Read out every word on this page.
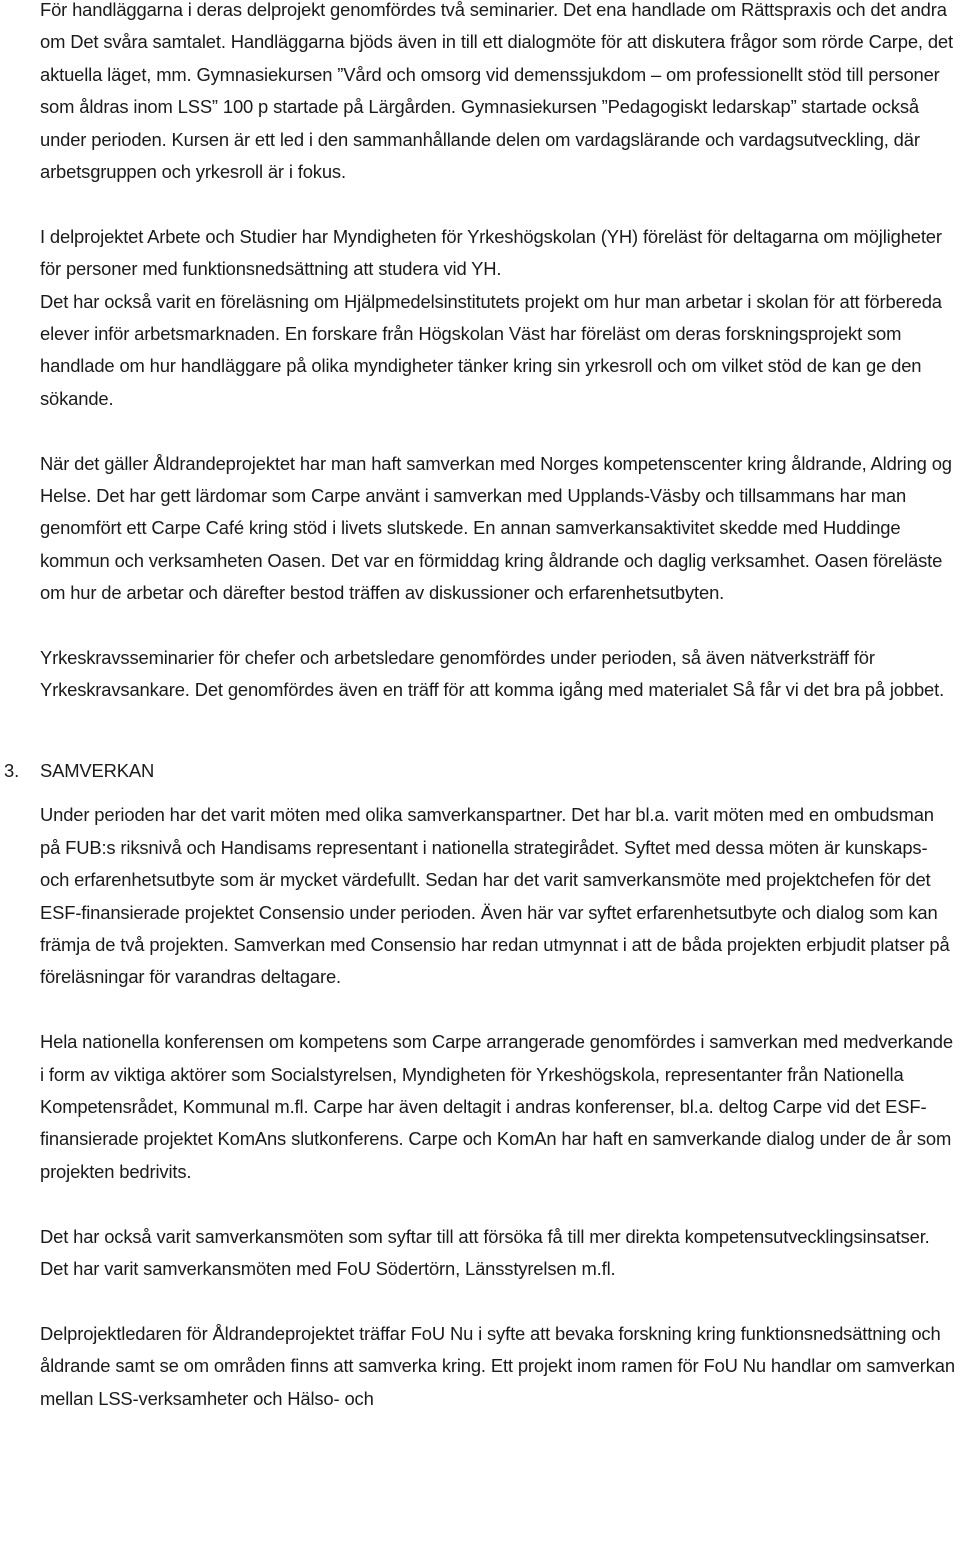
För handläggarna i deras delprojekt genomfördes två seminarier. Det ena handlade om Rättspraxis och det andra om Det svåra samtalet. Handläggarna bjöds även in till ett dialogmöte för att diskutera frågor som rörde Carpe, det aktuella läget, mm. Gymnasiekursen ”Vård och omsorg vid demenssjukdom – om professionellt stöd till personer som åldras inom LSS” 100 p startade på Lärgården. Gymnasiekursen ”Pedagogiskt ledarskap” startade också under perioden. Kursen är ett led i den sammanhållande delen om vardagslärande och vardagsutveckling, där arbetsgruppen och yrkesroll är i fokus.

I delprojektet Arbete och Studier har Myndigheten för Yrkeshögskolan (YH) föreläst för deltagarna om möjligheter för personer med funktionsnedsättning att studera vid YH.

Det har också varit en föreläsning om Hjälpmedelsinstitutets projekt om hur man arbetar i skolan för att förbereda elever inför arbetsmarknaden. En forskare från Högskolan Väst har föreläst om deras forskningsprojekt som handlade om hur handläggare på olika myndigheter tänker kring sin yrkesroll och om vilket stöd de kan ge den sökande.

När det gäller Åldrandeprojektet har man haft samverkan med Norges kompetenscenter kring åldrande, Aldring og Helse. Det har gett lärdomar som Carpe använt i samverkan med Upplands-Väsby och tillsammans har man genomfört ett Carpe Café kring stöd i livets slutskede. En annan samverkansaktivitet skedde med Huddinge kommun och verksamheten Oasen. Det var en förmiddag kring åldrande och daglig verksamhet. Oasen föreläste om hur de arbetar och därefter bestod träffen av diskussioner och erfarenhetsutbyten.

Yrkeskravsseminarier för chefer och arbetsledare genomfördes under perioden, så även nätverksträff för Yrkeskravsankare. Det genomfördes även en träff för att komma igång med materialet Så får vi det bra på jobbet.

3. SAMVERKAN

Under perioden har det varit möten med olika samverkanspartner. Det har bl.a. varit möten med en ombudsman på FUB:s riksnivå och Handisams representant i nationella strategirådet. Syftet med dessa möten är kunskaps- och erfarenhetsutbyte som är mycket värdefullt. Sedan har det varit samverkansmöte med projektchefen för det ESF-finansierade projektet Consensio under perioden. Även här var syftet erfarenhetsutbyte och dialog som kan främja de två projekten. Samverkan med Consensio har redan utmynnat i att de båda projekten erbjudit platser på föreläsningar för varandras deltagare.

Hela nationella konferensen om kompetens som Carpe arrangerade genomfördes i samverkan med medverkande i form av viktiga aktörer som Socialstyrelsen, Myndigheten för Yrkeshögskola, representanter från Nationella Kompetensrådet, Kommunal m.fl. Carpe har även deltagit i andras konferenser, bl.a. deltog Carpe vid det ESF-finansierade projektet KomAns slutkonferens. Carpe och KomAn har haft en samverkande dialog under de år som projekten bedrivits.

Det har också varit samverkansmöten som syftar till att försöka få till mer direkta kompetensutvecklingsinsatser. Det har varit samverkansmöten med FoU Södertörn, Länsstyrelsen m.fl.

Delprojektledaren för Åldrandeprojektet träffar FoU Nu i syfte att bevaka forskning kring funktionsnedsättning och åldrande samt se om områden finns att samverka kring. Ett projekt inom ramen för FoU Nu handlar om samverkan mellan LSS-verksamheter och Hälso- och
